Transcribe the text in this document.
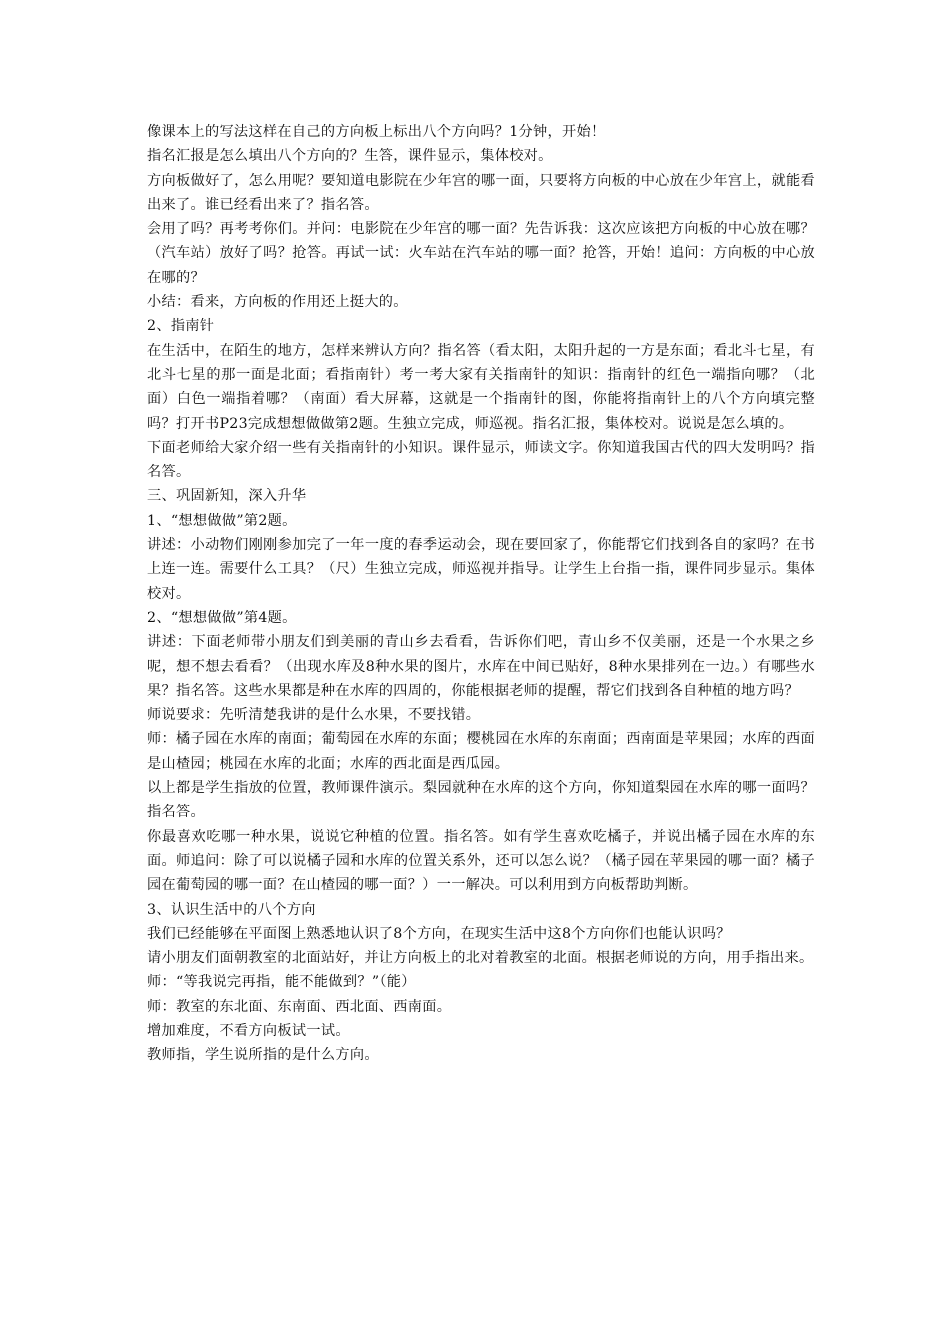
像课本上的写法这样在自己的方向板上标出八个方向吗？1分钟，开始！

指名汇报是怎么填出八个方向的？生答，课件显示，集体校对。

方向板做好了，怎么用呢？要知道电影院在少年宫的哪一面，只要将方向板的中心放在少年宫上，就能看出来了。谁已经看出来了？指名答。

会用了吗？再考考你们。并问：电影院在少年宫的哪一面？先告诉我：这次应该把方向板的中心放在哪？（汽车站）放好了吗？抢答。再试一试：火车站在汽车站的哪一面？抢答，开始！追问：方向板的中心放在哪的？

小结：看来，方向板的作用还上挺大的。

2、指南针

在生活中，在陌生的地方，怎样来辨认方向？指名答（看太阳，太阳升起的一方是东面；看北斗七星，有北斗七星的那一面是北面；看指南针）考一考大家有关指南针的知识：指南针的红色一端指向哪？（北面）白色一端指着哪？（南面）看大屏幕，这就是一个指南针的图，你能将指南针上的八个方向填完整吗？打开书P23完成想想做做第2题。生独立完成，师巡视。指名汇报，集体校对。说说是怎么填的。

下面老师给大家介绍一些有关指南针的小知识。课件显示，师读文字。你知道我国古代的四大发明吗？指名答。

三、巩固新知，深入升华

1、“想想做做”第2题。

讲述：小动物们刚刚参加完了一年一度的春季运动会，现在要回家了，你能帮它们找到各自的家吗？在书上连一连。需要什么工具？（尺）生独立完成，师巡视并指导。让学生上台指一指，课件同步显示。集体校对。

2、“想想做做”第4题。

讲述：下面老师带小朋友们到美丽的青山乡去看看，告诉你们吧，青山乡不仅美丽，还是一个水果之乡呢，想不想去看看？（出现水库及8种水果的图片，水库在中间已贴好，8种水果排列在一边。）有哪些水果？指名答。这些水果都是种在水库的四周的，你能根据老师的提醒，帮它们找到各自种植的地方吗？

师说要求：先听清楚我讲的是什么水果，不要找错。

师：橘子园在水库的南面；葡萄园在水库的东面；樱桃园在水库的东南面；西南面是苹果园；水库的西面是山楂园；桃园在水库的北面；水库的西北面是西瓜园。

以上都是学生指放的位置，教师课件演示。梨园就种在水库的这个方向，你知道梨园在水库的哪一面吗？指名答。

你最喜欢吃哪一种水果，说说它种植的位置。指名答。如有学生喜欢吃橘子，并说出橘子园在水库的东面。师追问：除了可以说橘子园和水库的位置关系外，还可以怎么说？（橘子园在苹果园的哪一面？橘子园在葡萄园的哪一面？在山楂园的哪一面？）一一解决。可以利用到方向板帮助判断。

3、认识生活中的八个方向

我们已经能够在平面图上熟悉地认识了8个方向，在现实生活中这8个方向你们也能认识吗？

请小朋友们面朝教室的北面站好，并让方向板上的北对着教室的北面。根据老师说的方向，用手指出来。

师：“等我说完再指，能不能做到？”（能）

师：教室的东北面、东南面、西北面、西南面。

增加难度，不看方向板试一试。

教师指，学生说所指的是什么方向。
